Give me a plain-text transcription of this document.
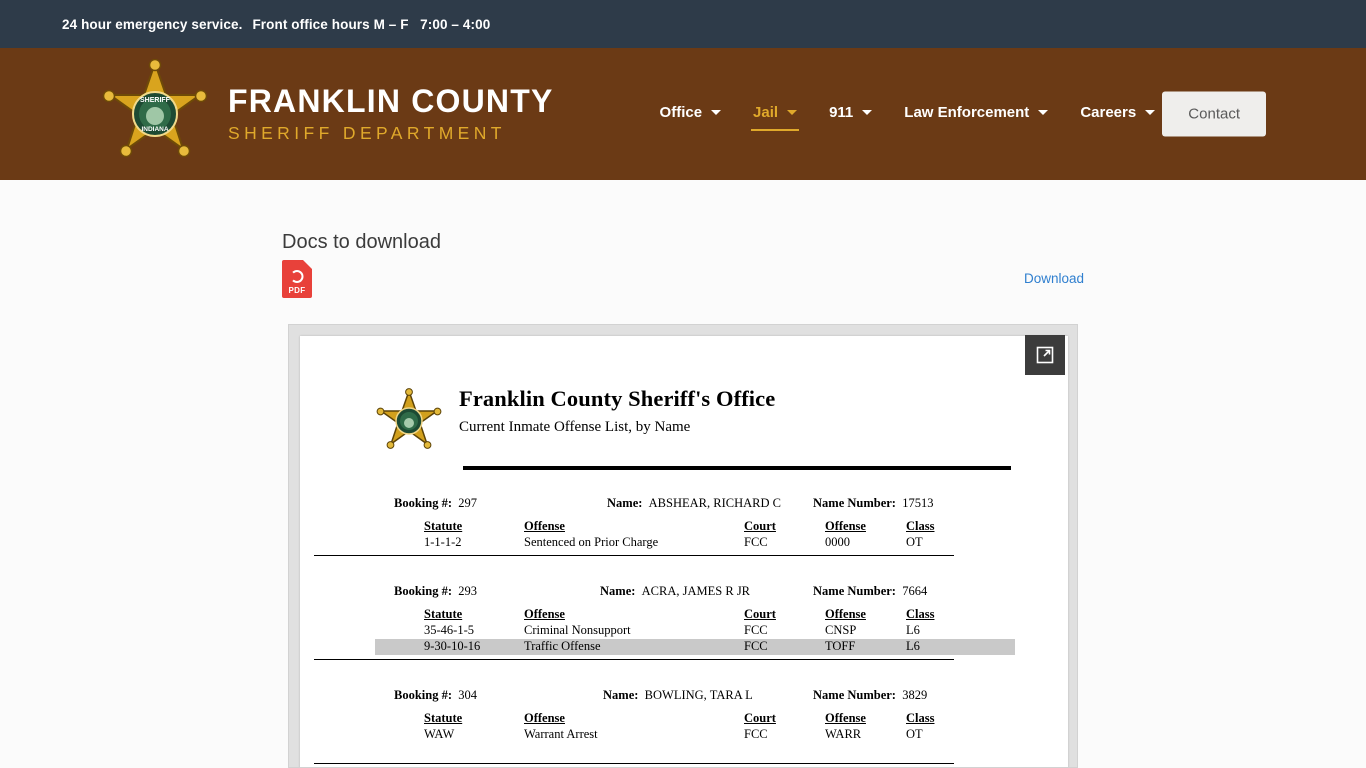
24 hour emergency service.
Front office hours M – F   7:00 – 4:00
SHERIFF
INDIANA
FRANKLIN COUNTY
SHERIFF DEPARTMENT
Office	Jail	911	Law Enforcement	Careers	Contact
Docs to download
PDF
Download
Franklin County Sheriff's Office
Current Inmate Offense List, by Name
Booking #: 297	Name: ABSHEAR, RICHARD C	Name Number: 17513
Statute	Offense	Court	Offense	Class
1-1-1-2	Sentenced on Prior Charge	FCC	0000	OT
Booking #: 293	Name: ACRA, JAMES R JR	Name Number: 7664
Statute	Offense	Court	Offense	Class
35-46-1-5	Criminal Nonsupport	FCC	CNSP	L6
9-30-10-16	Traffic Offense	FCC	TOFF	L6
Booking #: 304	Name: BOWLING, TARA L	Name Number: 3829
Statute	Offense	Court	Offense	Class
WAW	Warrant Arrest	FCC	WARR	OT
